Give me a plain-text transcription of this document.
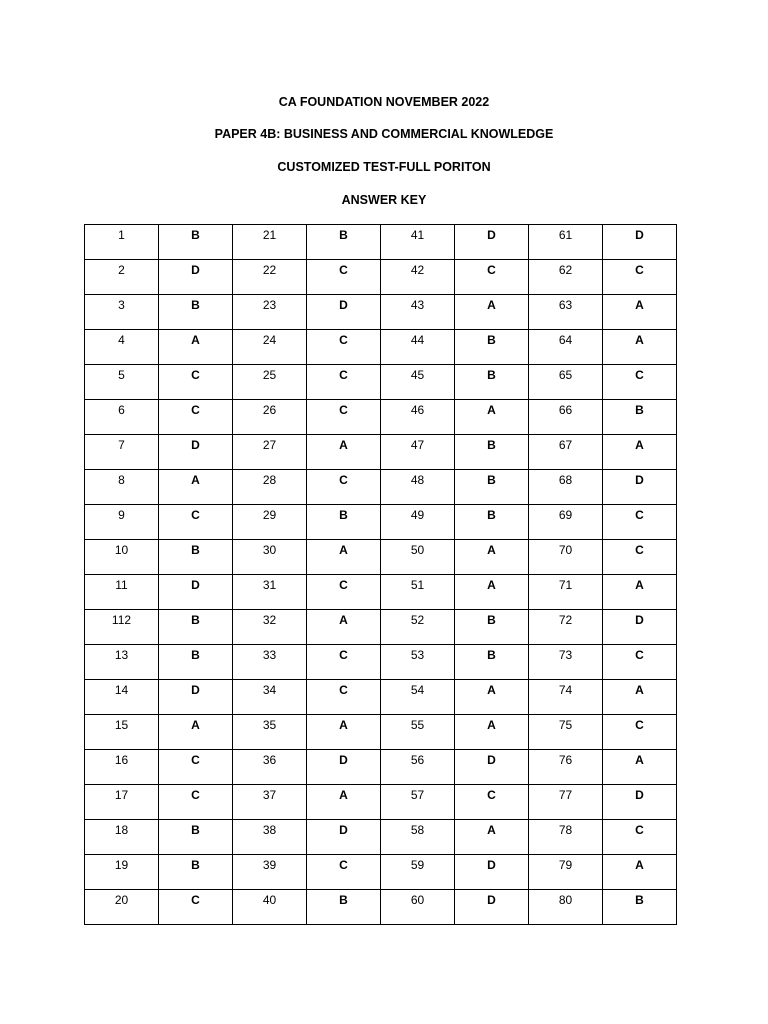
CA FOUNDATION NOVEMBER 2022
PAPER 4B: BUSINESS AND COMMERCIAL KNOWLEDGE
CUSTOMIZED TEST-FULL PORITON
ANSWER KEY
1	B	21	B	41	D	61	D

2	D	22	C	42	C	62	C

3	B	23	D	43	A	63	A

4	A	24	C	44	B	64	A

5	C	25	C	45	B	65	C

6	C	26	C	46	A	66	B

7	D	27	A	47	B	67	A

8	A	28	C	48	B	68	D

9	C	29	B	49	B	69	C

10	B	30	A	50	A	70	C

11	D	31	C	51	A	71	A

112	B	32	A	52	B	72	D

13	B	33	C	53	B	73	C

14	D	34	C	54	A	74	A

15	A	35	A	55	A	75	C

16	C	36	D	56	D	76	A

17	C	37	A	57	C	77	D

18	B	38	D	58	A	78	C

19	B	39	C	59	D	79	A

20	C	40	B	60	D	80	B
